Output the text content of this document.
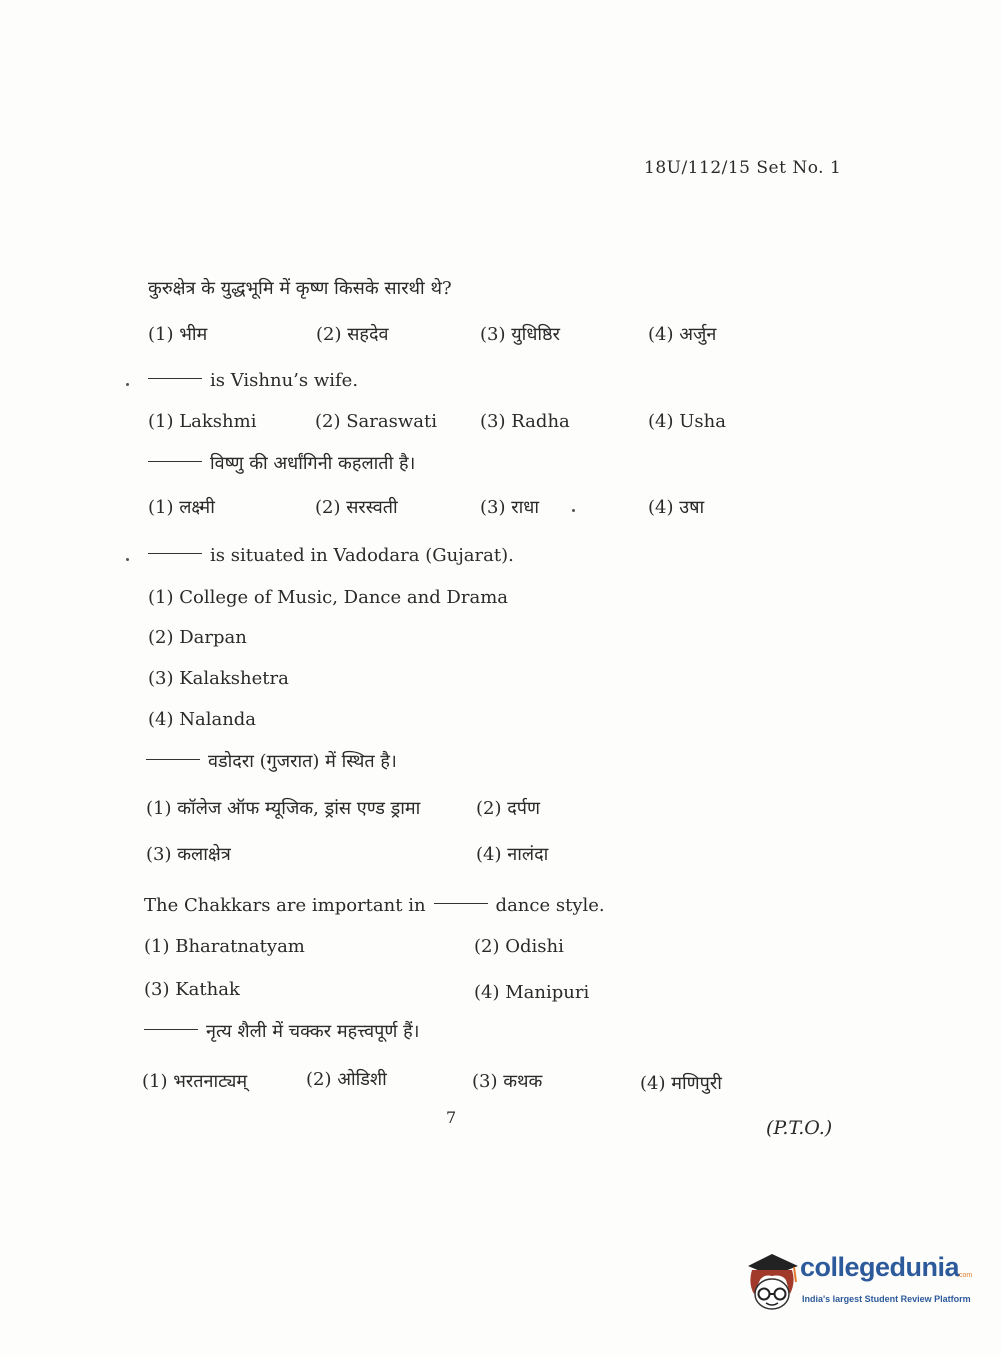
18U/112/15 Set No. 1
कुरुक्षेत्र के युद्धभूमि में कृष्ण किसके सारथी थे?
(1) भीम	(2) सहदेव	(3) युधिष्ठिर	(4) अर्जुन
is Vishnu’s wife.
(1) Lakshmi	(2) Saraswati (3) Radha	(4) Usha
विष्णु की अर्धांगिनी कहलाती है।
(1) लक्ष्मी	(2) सरस्वती	(3) राधा	(4) उषा
is situated in Vadodara (Gujarat).
(1) College of Music, Dance and Drama
(2) Darpan
(3) Kalakshetra
(4) Nalanda
वडोदरा (गुजरात) में स्थित है।
(1) कॉलेज ऑफ म्यूजिक, ड्रांस एण्ड ड्रामा	(2) दर्पण
(3) कलाक्षेत्र	(4) नालंदा
The Chakkars are important in	dance style.
(1) Bharatnatyam	(2) Odishi
(3) Kathak	(4) Manipuri
नृत्य शैली में चक्कर महत्त्वपूर्ण हैं।
(1) भरतनाट्यम्	(2) ओडिशी	(3) कथक	(4) मणिपुरी
7	(P.T.O.)
collegedunia
.com
India's largest Student Review Platform
